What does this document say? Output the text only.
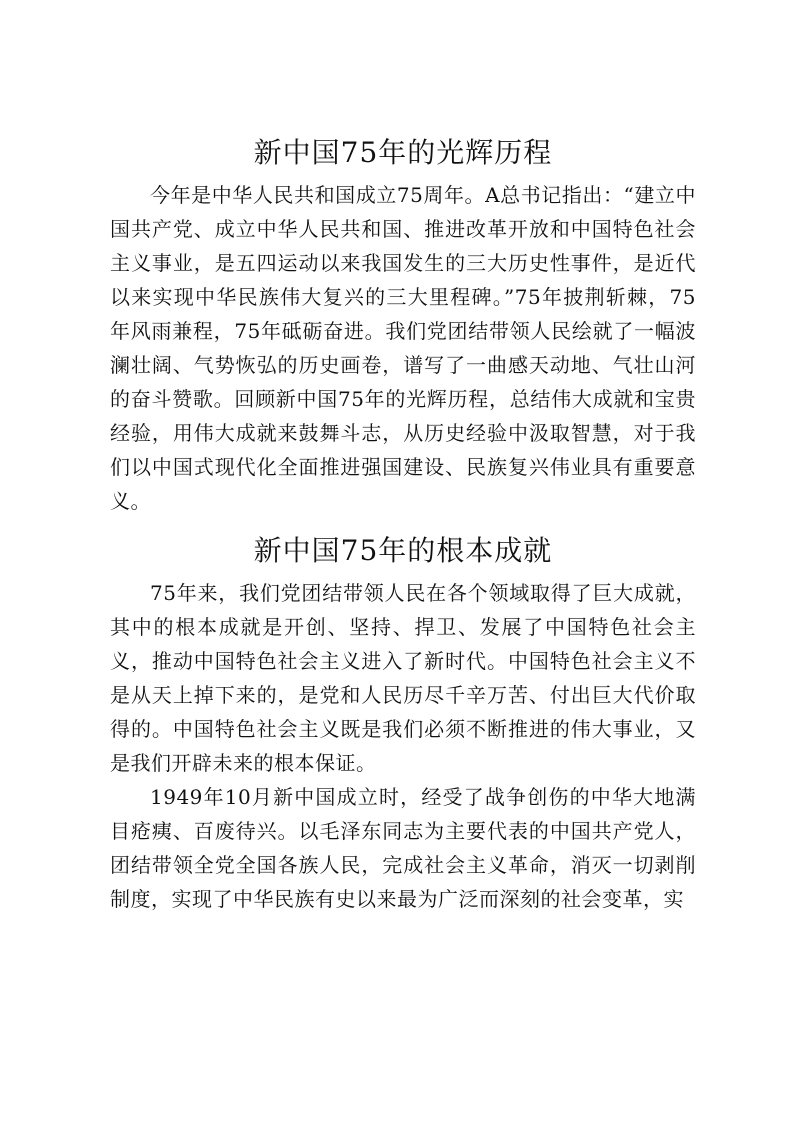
新中国75年的光辉历程

今年是中华人民共和国成立75周年。A总书记指出：“建立中国共产党、成立中华人民共和国、推进改革开放和中国特色社会主义事业，是五四运动以来我国发生的三大历史性事件，是近代以来实现中华民族伟大复兴的三大里程碑。”75年披荆斩棘，75年风雨兼程，75年砥砺奋进。我们党团结带领人民绘就了一幅波澜壮阔、气势恢弘的历史画卷，谱写了一曲感天动地、气壮山河的奋斗赞歌。回顾新中国75年的光辉历程，总结伟大成就和宝贵经验，用伟大成就来鼓舞斗志，从历史经验中汲取智慧，对于我们以中国式现代化全面推进强国建设、民族复兴伟业具有重要意义。

新中国75年的根本成就

75年来，我们党团结带领人民在各个领域取得了巨大成就，其中的根本成就是开创、坚持、捍卫、发展了中国特色社会主义，推动中国特色社会主义进入了新时代。中国特色社会主义不是从天上掉下来的，是党和人民历尽千辛万苦、付出巨大代价取得的。中国特色社会主义既是我们必须不断推进的伟大事业，又是我们开辟未来的根本保证。

1949年10月新中国成立时，经受了战争创伤的中华大地满目疮痍、百废待兴。以毛泽东同志为主要代表的中国共产党人，团结带领全党全国各族人民，完成社会主义革命，消灭一切剥削制度，实现了中华民族有史以来最为广泛而深刻的社会变革，实
